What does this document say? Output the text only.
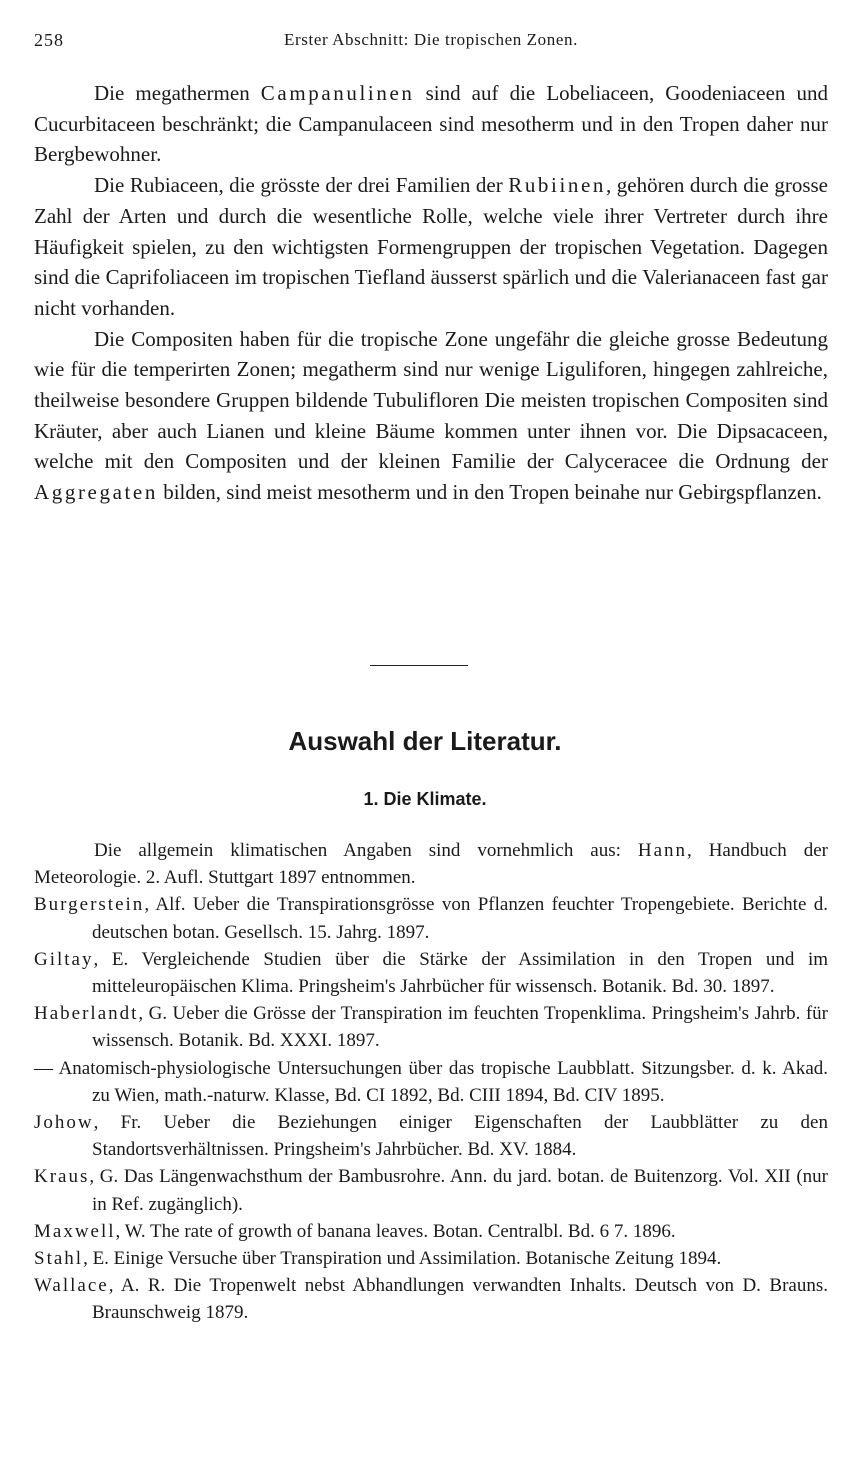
258	Erster Abschnitt: Die tropischen Zonen.

Die megathermen Campanulinen sind auf die Lobeliaceen, Goodeniaceen und Cucurbitaceen beschränkt; die Campanulaceen sind mesotherm und in den Tropen daher nur Bergbewohner.

Die Rubiaceen, die grösste der drei Familien der Rubiinen, gehören durch die grosse Zahl der Arten und durch die wesentliche Rolle, welche viele ihrer Vertreter durch ihre Häufigkeit spielen, zu den wichtigsten Formengruppen der tropischen Vegetation. Dagegen sind die Caprifoliaceen im tropischen Tiefland äusserst spärlich und die Valerianaceen fast gar nicht vorhanden.

Die Compositen haben für die tropische Zone ungefähr die gleiche grosse Bedeutung wie für die temperirten Zonen; megatherm sind nur wenige Liguliforen, hingegen zahlreiche, theilweise besondere Gruppen bildende Tubulifloren Die meisten tropischen Compositen sind Kräuter, aber auch Lianen und kleine Bäume kommen unter ihnen vor. Die Dipsacaceen, welche mit den Compositen und der kleinen Familie der Calyceracee die Ordnung der Aggregaten bilden, sind meist mesotherm und in den Tropen beinahe nur Gebirgspflanzen.

Auswahl der Literatur.
1. Die Klimate.

Die allgemein klimatischen Angaben sind vornehmlich aus: Hann, Handbuch der Meteorologie. 2. Aufl. Stuttgart 1897 entnommen.

Burgerstein, Alf. Ueber die Transpirationsgrösse von Pflanzen feuchter Tropengebiete. Berichte d. deutschen botan. Gesellsch. 15. Jahrg. 1897.

Giltay, E. Vergleichende Studien über die Stärke der Assimilation in den Tropen und im mitteleuropäischen Klima. Pringsheim's Jahrbücher für wissensch. Botanik. Bd. 30. 1897.

Haberlandt, G. Ueber die Grösse der Transpiration im feuchten Tropenklima. Pringsheim's Jahrb. für wissensch. Botanik. Bd. XXXI. 1897.

— Anatomisch-physiologische Untersuchungen über das tropische Laubblatt. Sitzungsber. d. k. Akad. zu Wien, math.-naturw. Klasse, Bd. CI 1892, Bd. CIII 1894, Bd. CIV 1895.

Johow, Fr. Ueber die Beziehungen einiger Eigenschaften der Laubblätter zu den Standortsverhältnissen. Pringsheim's Jahrbücher. Bd. XV. 1884.

Kraus, G. Das Längenwachsthum der Bambusrohre. Ann. du jard. botan. de Buitenzorg. Vol. XII (nur in Ref. zugänglich).

Maxwell, W. The rate of growth of banana leaves. Botan. Centralbl. Bd. 6 7. 1896.

Stahl, E. Einige Versuche über Transpiration und Assimilation. Botanische Zeitung 1894.

Wallace, A. R. Die Tropenwelt nebst Abhandlungen verwandten Inhalts. Deutsch von D. Brauns. Braunschweig 1879.
